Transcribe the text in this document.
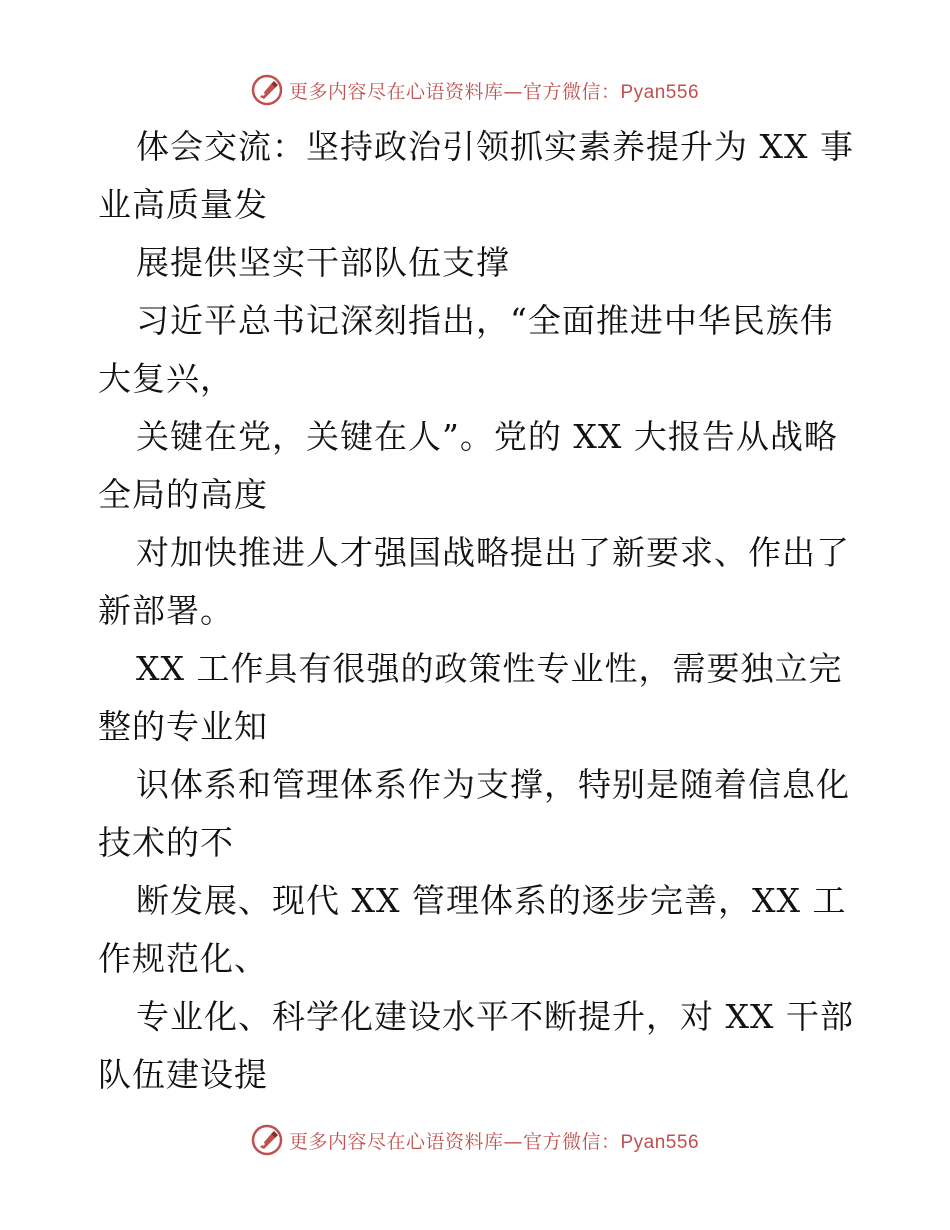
更多内容尽在心语资料库—官方微信：Pyan556
体会交流：坚持政治引领抓实素养提升为 XX 事
业高质量发
展提供坚实干部队伍支撑
习近平总书记深刻指出，“全面推进中华民族伟
大复兴，
关键在党，关键在人”。党的 XX 大报告从战略
全局的高度
对加快推进人才强国战略提出了新要求、作出了
新部署。
XX 工作具有很强的政策性专业性，需要独立完
整的专业知
识体系和管理体系作为支撑，特别是随着信息化
技术的不
断发展、现代 XX 管理体系的逐步完善，XX 工
作规范化、
专业化、科学化建设水平不断提升，对 XX 干部
队伍建设提
更多内容尽在心语资料库—官方微信：Pyan556
